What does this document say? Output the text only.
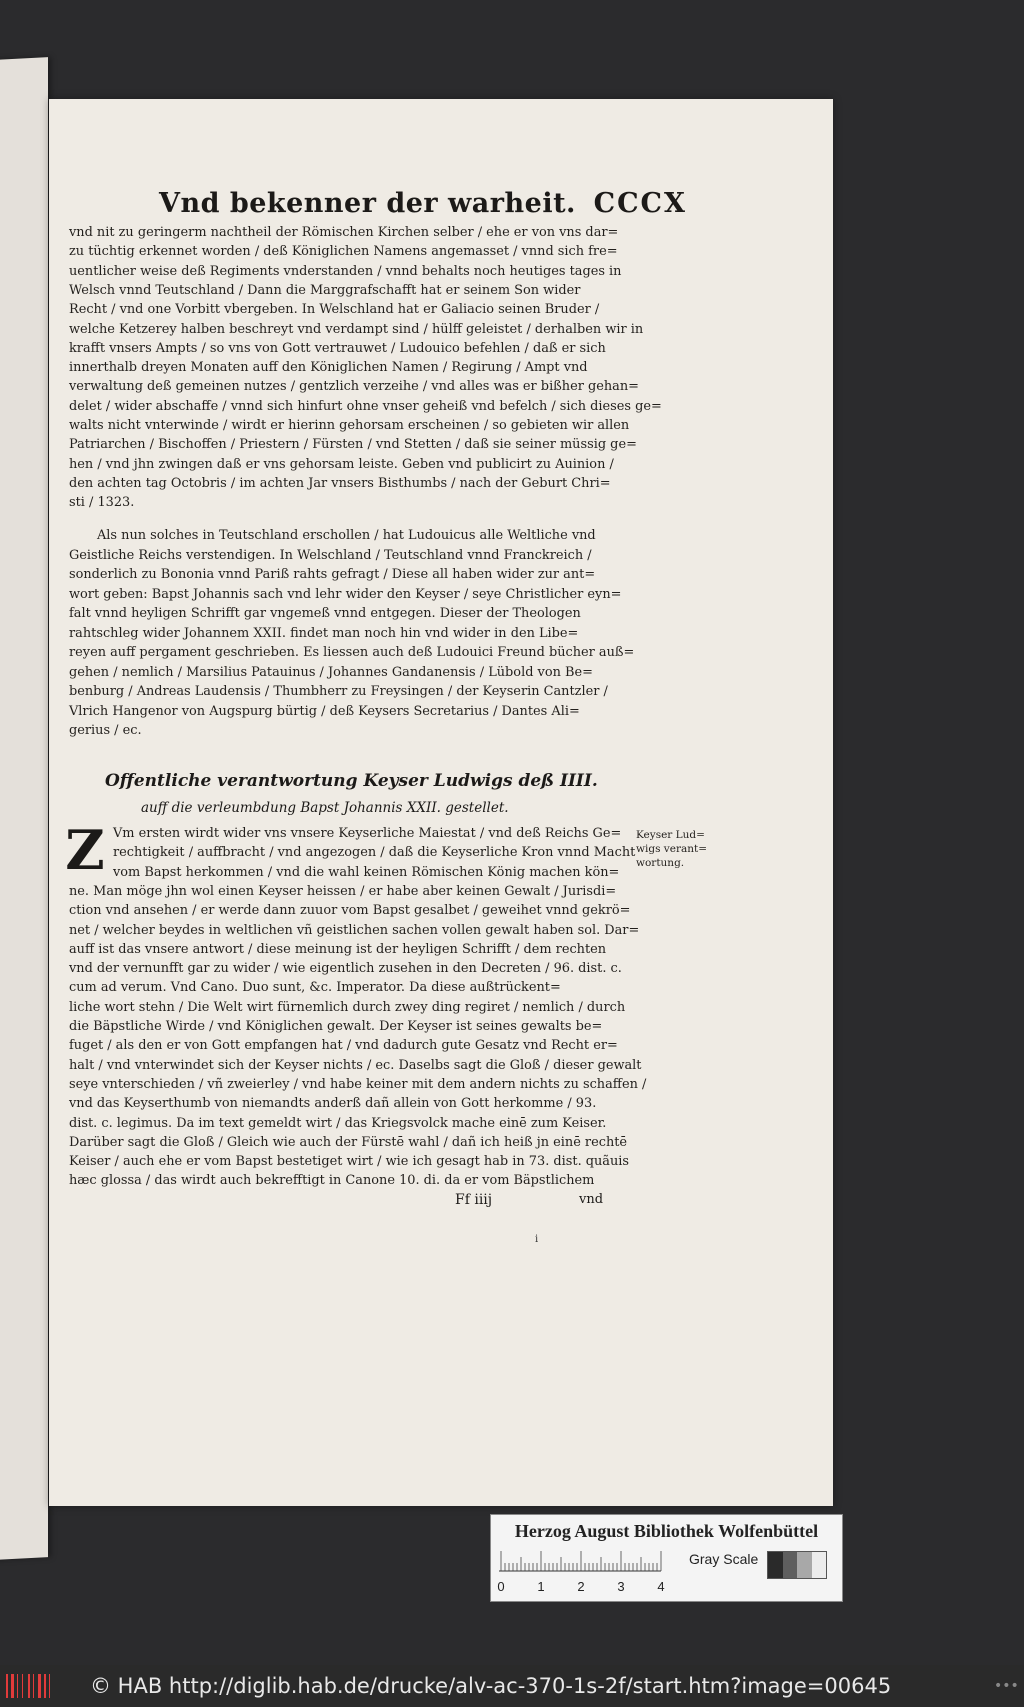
Vnd bekenner der warheit. CCCX
vnd nit zu geringerm nachtheil der Römischen Kirchen selber / ehe er von vns dar=
zu tüchtig erkennet worden / deß Königlichen Namens angemasset / vnnd sich fre=
uentlicher weise deß Regiments vnderstanden / vnnd behalts noch heutiges tages in
Welsch vnnd Teutschland / Dann die Marggrafschafft hat er seinem Son wider
Recht / vnd one Vorbitt vbergeben. In Welschland hat er Galiacio seinen Bruder /
welche Ketzerey halben beschreyt vnd verdampt sind / hülff geleistet / derhalben wir in
krafft vnsers Ampts / so vns von Gott vertrauwet / Ludouico befehlen / daß er sich
innerthalb dreyen Monaten auff den Königlichen Namen / Regirung / Ampt vnd
verwaltung deß gemeinen nutzes / gentzlich verzeihe / vnd alles was er bißher gehan=
delet / wider abschaffe / vnnd sich hinfurt ohne vnser geheiß vnd befelch / sich dieses ge=
walts nicht vnterwinde / wirdt er hierinn gehorsam erscheinen / so gebieten wir allen
Patriarchen / Bischoffen / Priestern / Fürsten / vnd Stetten / daß sie seiner müssig ge=
hen / vnd jhn zwingen daß er vns gehorsam leiste. Geben vnd publicirt zu Auinion /
den achten tag Octobris / im achten Jar vnsers Bisthumbs / nach der Geburt Chri=
sti / 1323.
Als nun solches in Teutschland erschollen / hat Ludouicus alle Weltliche vnd
Geistliche Reichs verstendigen. In Welschland / Teutschland vnnd Franckreich /
sonderlich zu Bononia vnnd Pariß rahts gefragt / Diese all haben wider zur ant=
wort geben: Bapst Johannis sach vnd lehr wider den Keyser / seye Christlicher eyn=
falt vnnd heyligen Schrifft gar vngemeß vnnd entgegen. Dieser der Theologen
rahtschleg wider Johannem XXII. findet man noch hin vnd wider in den Libe=
reyen auff pergament geschrieben. Es liessen auch deß Ludouici Freund bücher auß=
gehen / nemlich / Marsilius Patauinus / Johannes Gandanensis / Lübold von Be=
benburg / Andreas Laudensis / Thumbherr zu Freysingen / der Keyserin Cantzler /
Vlrich Hangenor von Augspurg bürtig / deß Keysers Secretarius / Dantes Ali=
gerius / ec.
Offentliche verantwortung Keyser Ludwigs deß IIII.
auff die verleumbdung Bapst Johannis XXII. gestellet.
Z Vm ersten wirdt wider vns vnsere Keyserliche Maiestat / vnd deß Reichs Ge=
rechtigkeit / auffbracht / vnd angezogen / daß die Keyserliche Kron vnnd Macht
vom Bapst herkommen / vnd die wahl keinen Römischen König machen kön=
ne. Man möge jhn wol einen Keyser heissen / er habe aber keinen Gewalt / Jurisdi=
ction vnd ansehen / er werde dann zuuor vom Bapst gesalbet / geweihet vnnd gekrö=
net / welcher beydes in weltlichen vñ geistlichen sachen vollen gewalt haben sol. Dar=
auff ist das vnsere antwort / diese meinung ist der heyligen Schrifft / dem rechten
vnd der vernunfft gar zu wider / wie eigentlich zusehen in den Decreten / 96. dist. c.
cum ad verum. Vnd Cano. Duo sunt, &c. Imperator. Da diese außtrückent=
liche wort stehn / Die Welt wirt fürnemlich durch zwey ding regiret / nemlich / durch
die Bäpstliche Wirde / vnd Königlichen gewalt. Der Keyser ist seines gewalts be=
fuget / als den er von Gott empfangen hat / vnd dadurch gute Gesatz vnd Recht er=
halt / vnd vnterwindet sich der Keyser nichts / ec. Daselbs sagt die Gloß / dieser gewalt
seye vnterschieden / vñ zweierley / vnd habe keiner mit dem andern nichts zu schaffen /
vnd das Keyserthumb von niemandts anderß dañ allein von Gott herkomme / 93.
dist. c. legimus. Da im text gemeldt wirt / das Kriegsvolck mache einē zum Keiser.
Darüber sagt die Gloß / Gleich wie auch der Fürstē wahl / dañ ich heiß jn einē rechtē
Keiser / auch ehe er vom Bapst bestetiget wirt / wie ich gesagt hab in 73. dist. quãuis
hæc glossa / das wirdt auch bekrefftigt in Canone 10. di. da er vom Bäpstlichem
Keyser Lud=
wigs verant=
wortung.
Ff iiij	vnd
i
Herzog August Bibliothek Wolfenbüttel
0	1	2	3	4
Gray Scale
© HAB http://diglib.hab.de/drucke/alv-ac-370-1s-2f/start.htm?image=00645	•••
